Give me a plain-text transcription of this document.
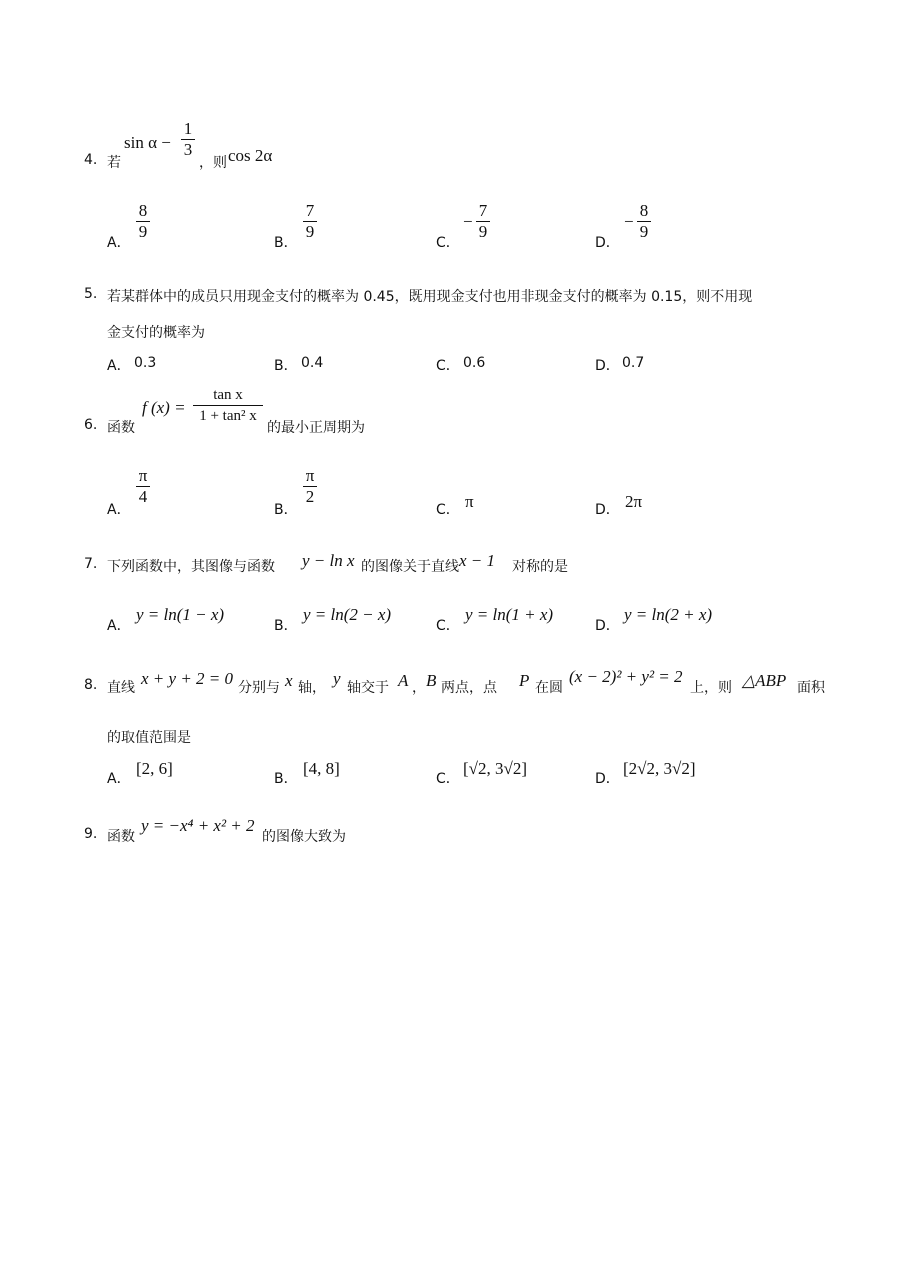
4. 若
sin α −
1
3
，则 cos 2α
A．
8
9
B．
7
9
C．
−
7
9
D．
−
8
9
5. 若某群体中的成员只用现金支付的概率为 0.45，既用现金支付也用非现金支付的概率为 0.15，则不用现
金支付的概率为
A． 0.3	B． 0.4	C． 0.6	D． 0.7
6. 函数
f (x) =
tan x
1 + tan² x
的最小正周期为
A．
π
4
B．
π
2
C． π	D． 2π
7. 下列函数中，其图像与函数 y − ln x 的图像关于直线 x − 1 对称的是
A．
y = ln(1 − x)
B．
y = ln(2 − x)
C．
y = ln(1 + x)
D．
y = ln(2 + x)
8. 直线 x + y + 2 = 0 分别与 x 轴， y 轴交于 A ， B 两点，点 P 在圆
(x − 2)² + y² = 2
上，则 △ABP 面积
的取值范围是
A．
[2, 6]
B．
[4, 8]
C．
[√2, 3√2]
D．
[2√2, 3√2]
9. 函数
y = −x⁴ + x² + 2
的图像大致为
